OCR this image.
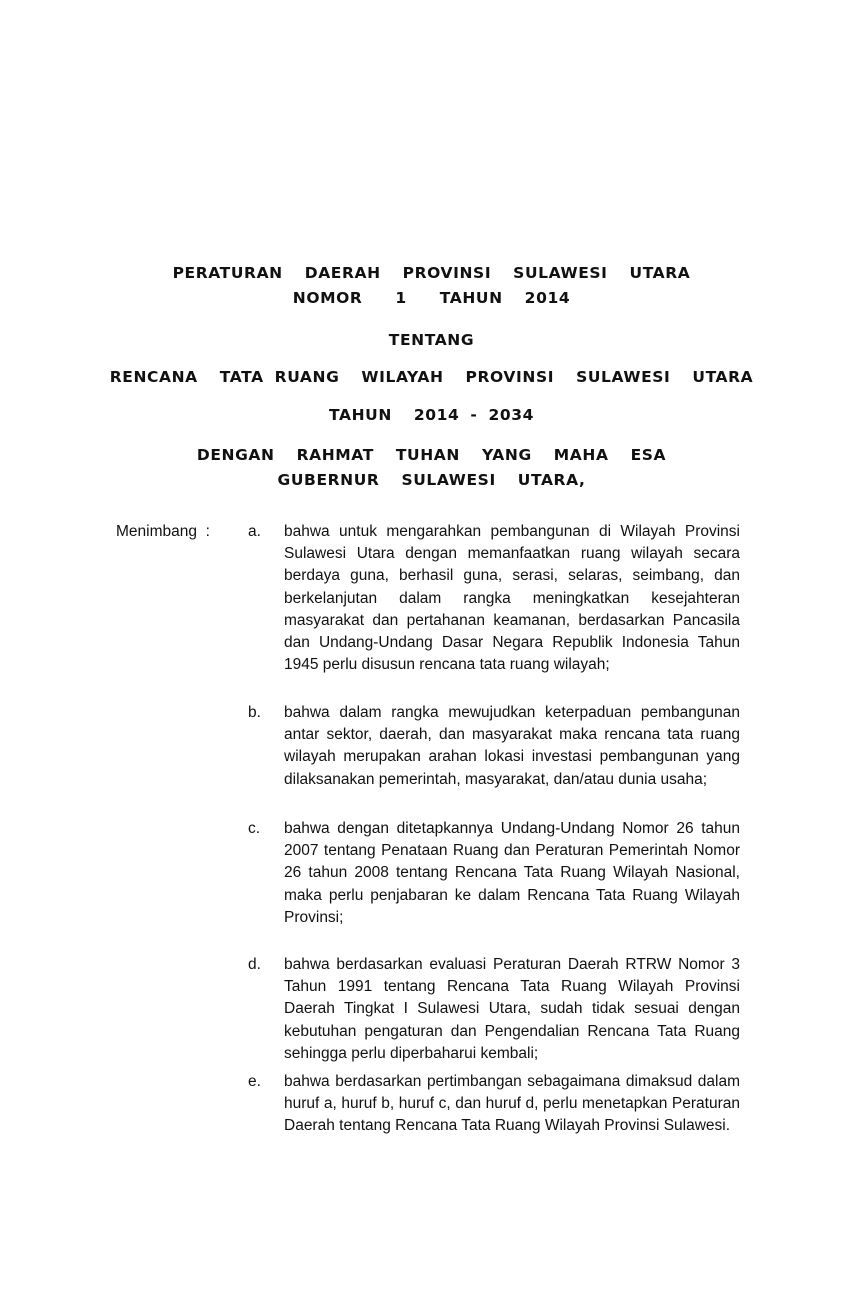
PERATURAN  DAERAH  PROVINSI  SULAWESI  UTARA
NOMOR   1   TAHUN  2014
TENTANG
RENCANA  TATA RUANG  WILAYAH  PROVINSI  SULAWESI  UTARA
TAHUN  2014 - 2034
DENGAN  RAHMAT  TUHAN  YANG  MAHA  ESA
GUBERNUR  SULAWESI  UTARA,
Menimbang  : a.	bahwa untuk mengarahkan pembangunan di Wilayah Provinsi Sulawesi Utara dengan memanfaatkan ruang wilayah secara berdaya guna, berhasil guna, serasi, selaras, seimbang, dan berkelanjutan dalam rangka meningkatkan kesejahteran masyarakat dan pertahanan keamanan, berdasarkan Pancasila dan Undang-Undang Dasar Negara Republik Indonesia Tahun 1945 perlu disusun rencana tata ruang wilayah;
b.	bahwa dalam rangka mewujudkan keterpaduan pembangunan antar sektor, daerah, dan masyarakat maka rencana tata ruang wilayah merupakan arahan lokasi investasi pembangunan yang dilaksanakan pemerintah, masyarakat, dan/atau dunia usaha;
c.	bahwa dengan ditetapkannya Undang-Undang Nomor 26 tahun 2007 tentang Penataan Ruang dan Peraturan Pemerintah Nomor 26 tahun 2008 tentang Rencana Tata Ruang Wilayah Nasional, maka perlu penjabaran ke dalam Rencana Tata Ruang Wilayah Provinsi;
d.	bahwa berdasarkan evaluasi Peraturan Daerah RTRW Nomor 3 Tahun 1991 tentang Rencana Tata Ruang Wilayah Provinsi Daerah Tingkat I Sulawesi Utara, sudah tidak sesuai dengan kebutuhan pengaturan dan Pengendalian Rencana Tata Ruang sehingga perlu diperbaharui kembali;
e.	bahwa berdasarkan pertimbangan sebagaimana dimaksud dalam huruf a, huruf b, huruf c, dan huruf d, perlu menetapkan Peraturan Daerah tentang Rencana Tata Ruang Wilayah Provinsi Sulawesi.
